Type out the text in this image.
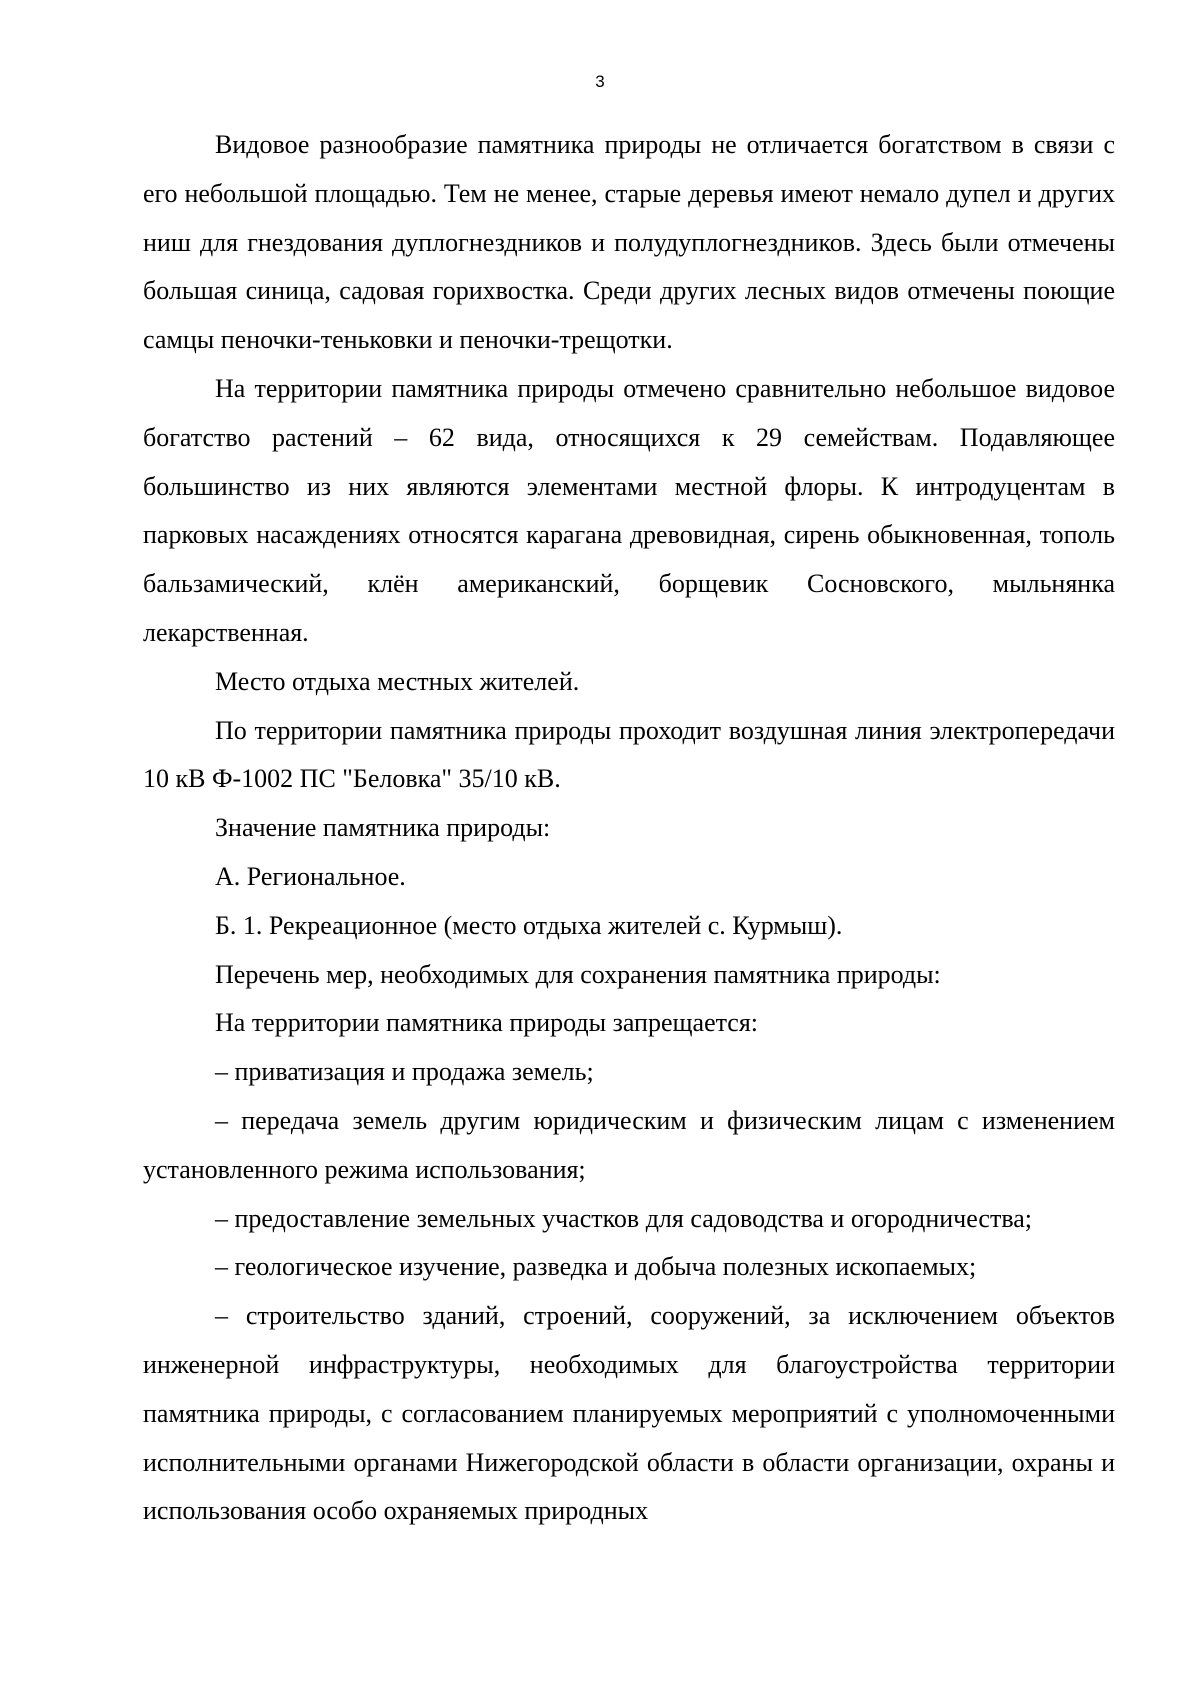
3

Видовое разнообразие памятника природы не отличается богатством в связи с его небольшой площадью. Тем не менее, старые деревья имеют немало дупел и других ниш для гнездования дуплогнездников и полудуплогнездников. Здесь были отмечены большая синица, садовая горихвостка. Среди других лесных видов отмечены поющие самцы пеночки-теньковки и пеночки-трещотки.

На территории памятника природы отмечено сравнительно небольшое видовое богатство растений – 62 вида, относящихся к 29 семействам. Подавляющее большинство из них являются элементами местной флоры. К интродуцентам в парковых насаждениях относятся карагана древовидная, сирень обыкновенная, тополь бальзамический, клён американский, борщевик Сосновского, мыльнянка лекарственная.

Место отдыха местных жителей.

По территории памятника природы проходит воздушная линия электропередачи 10 кВ Ф-1002 ПС "Беловка" 35/10 кВ.

Значение памятника природы:

А. Региональное.

Б. 1. Рекреационное (место отдыха жителей с. Курмыш).

Перечень мер, необходимых для сохранения памятника природы:

На территории памятника природы запрещается:

– приватизация и продажа земель;

– передача земель другим юридическим и физическим лицам с изменением установленного режима использования;

– предоставление земельных участков для садоводства и огородничества;

– геологическое изучение, разведка и добыча полезных ископаемых;

– строительство зданий, строений, сооружений, за исключением объектов инженерной инфраструктуры, необходимых для благоустройства территории памятника природы, с согласованием планируемых мероприятий с уполномоченными исполнительными органами Нижегородской области в области организации, охраны и использования особо охраняемых природных
